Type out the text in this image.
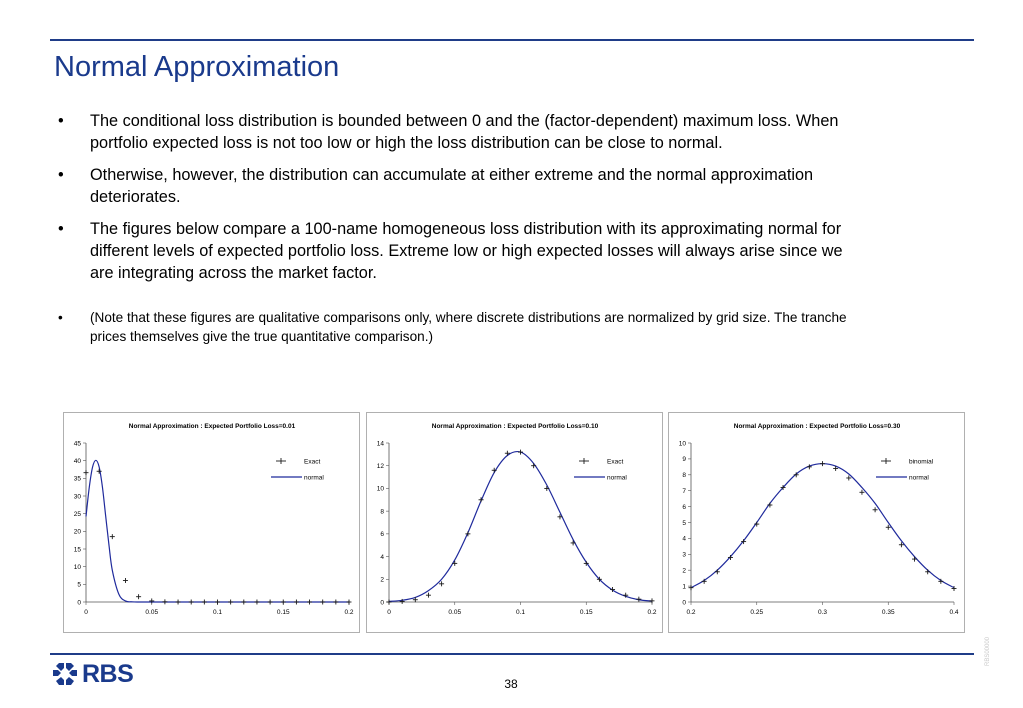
Normal Approximation
• The conditional loss distribution is bounded between 0 and the (factor-dependent) maximum loss. When portfolio expected loss is not too low or high the loss distribution can be close to normal.
• Otherwise, however, the distribution can accumulate at either extreme and the normal approximation deteriorates.
• The figures below compare a 100-name homogeneous loss distribution with its approximating normal for different levels of expected portfolio loss. Extreme low or high expected losses will always arise since we are integrating across the market factor.
• (Note that these figures are qualitative comparisons only, where discrete distributions are normalized by grid size. The tranche prices themselves give the true quantitative comparison.)
Normal Approximation : Expected Portfolio Loss=0.01
0
5
10
15
20
25
30
35
40
45
0	0.05	0.1	0.15	0.2
Exact
normal
Normal Approximation : Expected Portfolio Loss=0.10
0
2
4
6
8
10
12
14
0	0.05	0.1	0.15	0.2
Exact
normal
Normal Approximation : Expected Portfolio Loss=0.30
0
1
2
3
4
5
6
7
8
9
10
0.2	0.25	0.3	0.35	0.4
binomial
normal
RBS00000
RBS	38
